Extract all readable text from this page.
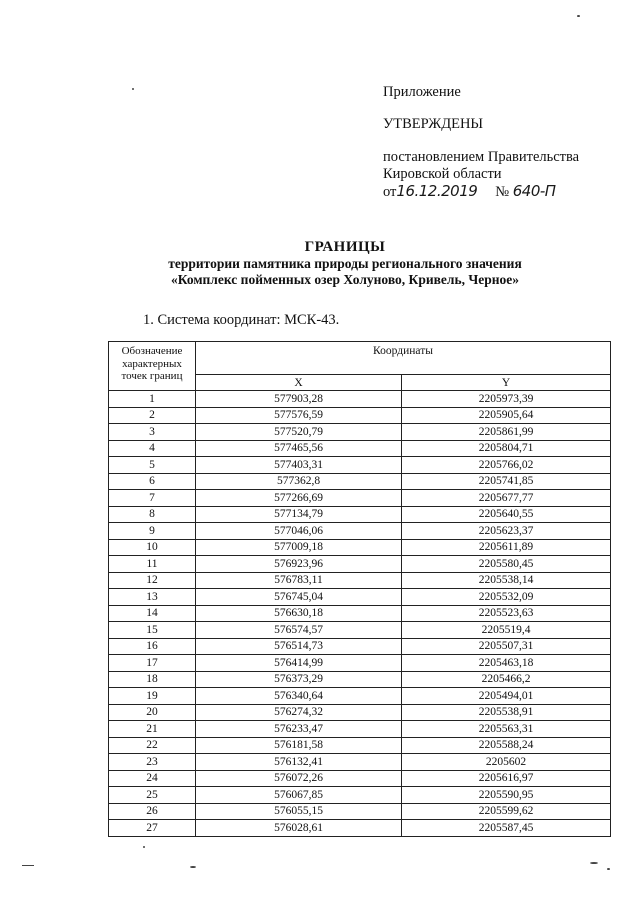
Приложение
УТВЕРЖДЕНЫ
постановлением Правительства
Кировской области
от16.12.2019 № 640-П
ГРАНИЦЫ
территории памятника природы регионального значения
«Комплекс пойменных озер Холуново, Кривель, Черное»
1. Система координат: МСК-43.
Обозначение характерных точек границ	Координаты	
	X	Y
1	577903,28	2205973,39
2	577576,59	2205905,64
3	577520,79	2205861,99
4	577465,56	2205804,71
5	577403,31	2205766,02
6	577362,8	2205741,85
7	577266,69	2205677,77
8	577134,79	2205640,55
9	577046,06	2205623,37
10	577009,18	2205611,89
11	576923,96	2205580,45
12	576783,11	2205538,14
13	576745,04	2205532,09
14	576630,18	2205523,63
15	576574,57	2205519,4
16	576514,73	2205507,31
17	576414,99	2205463,18
18	576373,29	2205466,2
19	576340,64	2205494,01
20	576274,32	2205538,91
21	576233,47	2205563,31
22	576181,58	2205588,24
23	576132,41	2205602
24	576072,26	2205616,97
25	576067,85	2205590,95
26	576055,15	2205599,62
27	576028,61	2205587,45
